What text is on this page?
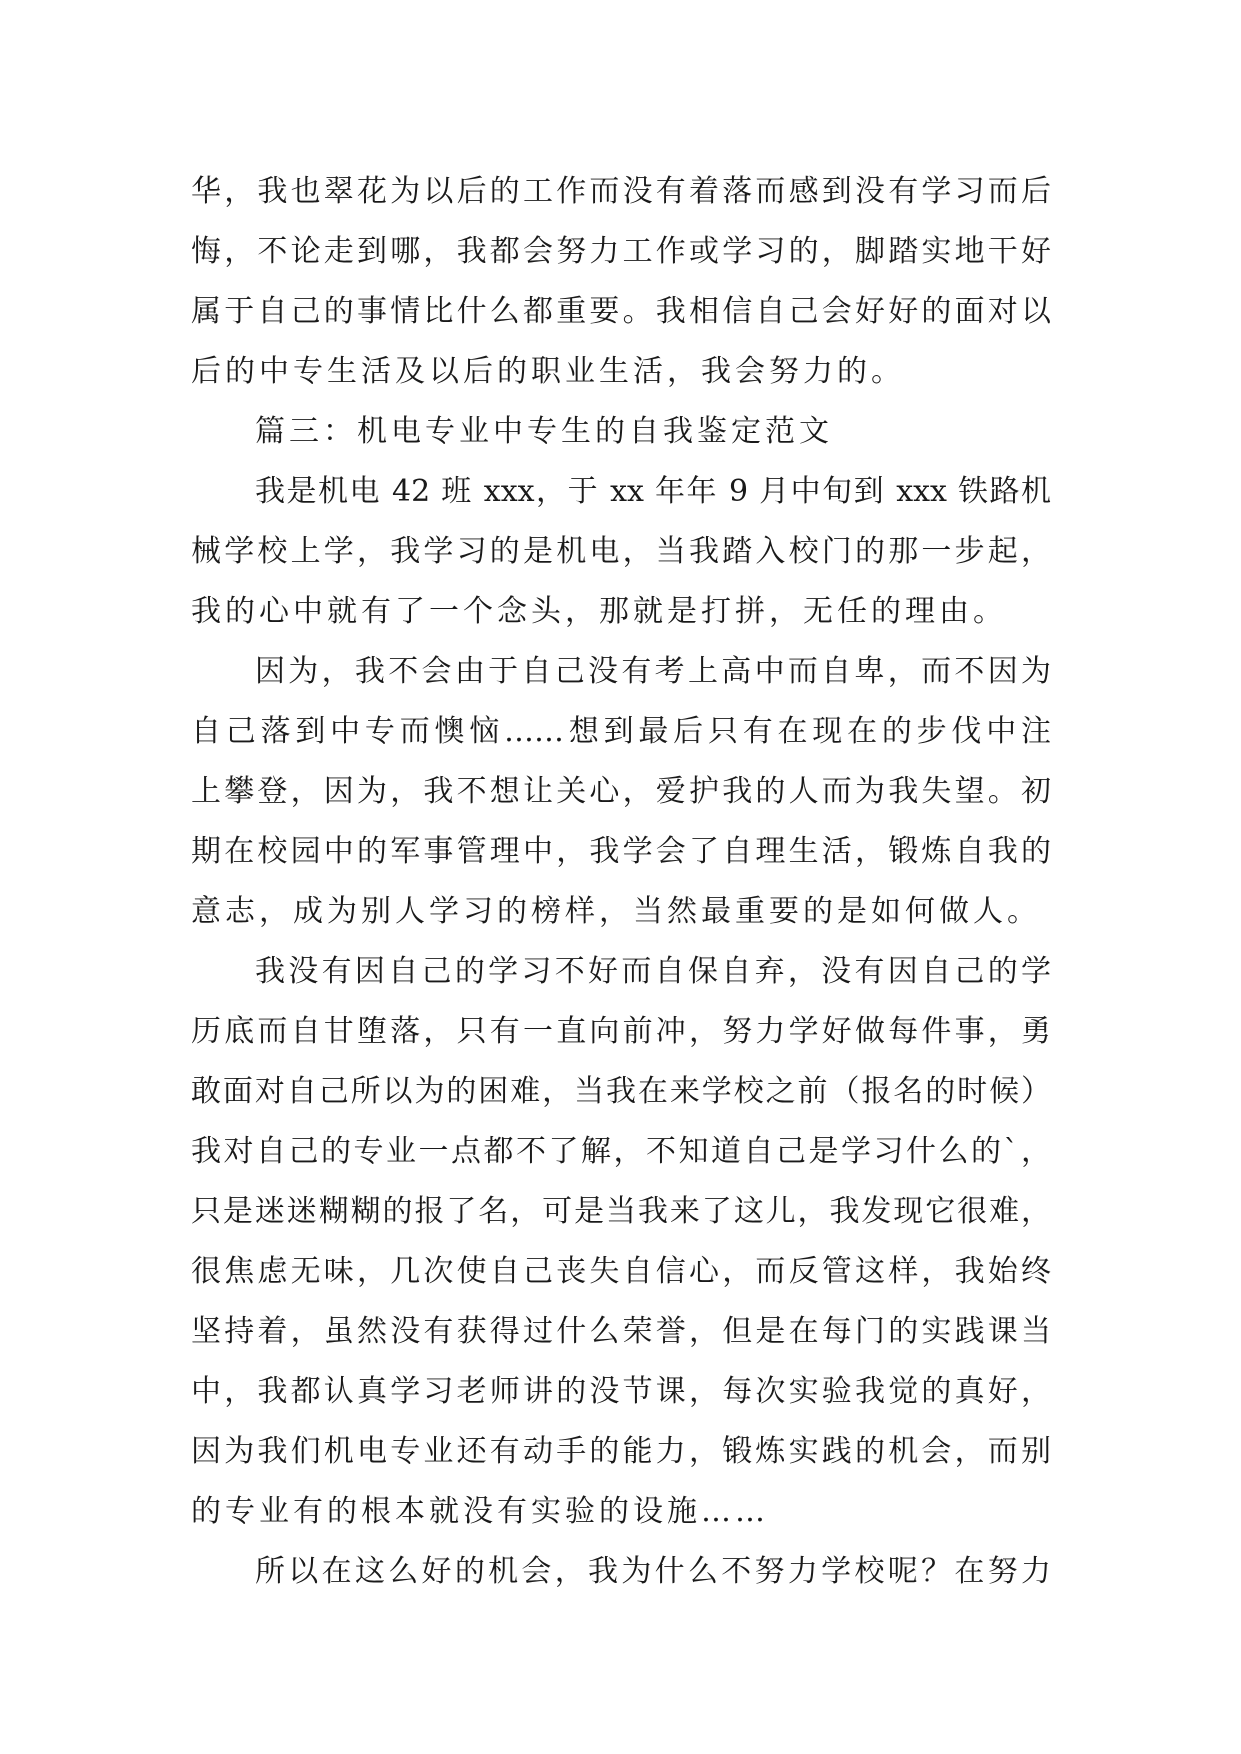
华，我也翠花为以后的工作而没有着落而感到没有学习而后
悔，不论走到哪，我都会努力工作或学习的，脚踏实地干好
属于自己的事情比什么都重要。我相信自己会好好的面对以
后的中专生活及以后的职业生活，我会努力的。
篇三：机电专业中专生的自我鉴定范文
我是机电 42 班 xxx，于 xx 年年 9 月中旬到 xxx 铁路机
械学校上学，我学习的是机电，当我踏入校门的那一步起，
我的心中就有了一个念头，那就是打拼，无任的理由。
因为，我不会由于自己没有考上高中而自卑，而不因为
自己落到中专而懊恼……想到最后只有在现在的步伐中注
上攀登，因为，我不想让关心，爱护我的人而为我失望。初
期在校园中的军事管理中，我学会了自理生活，锻炼自我的
意志，成为别人学习的榜样，当然最重要的是如何做人。
我没有因自己的学习不好而自保自弃，没有因自己的学
历底而自甘堕落，只有一直向前冲，努力学好做每件事，勇
敢面对自己所以为的困难，当我在来学校之前（报名的时候）
我对自己的专业一点都不了解，不知道自己是学习什么的`，
只是迷迷糊糊的报了名，可是当我来了这儿，我发现它很难，
很焦虑无味，几次使自己丧失自信心，而反管这样，我始终
坚持着，虽然没有获得过什么荣誉，但是在每门的实践课当
中，我都认真学习老师讲的没节课，每次实验我觉的真好，
因为我们机电专业还有动手的能力，锻炼实践的机会，而别
的专业有的根本就没有实验的设施……
所以在这么好的机会，我为什么不努力学校呢？在努力
